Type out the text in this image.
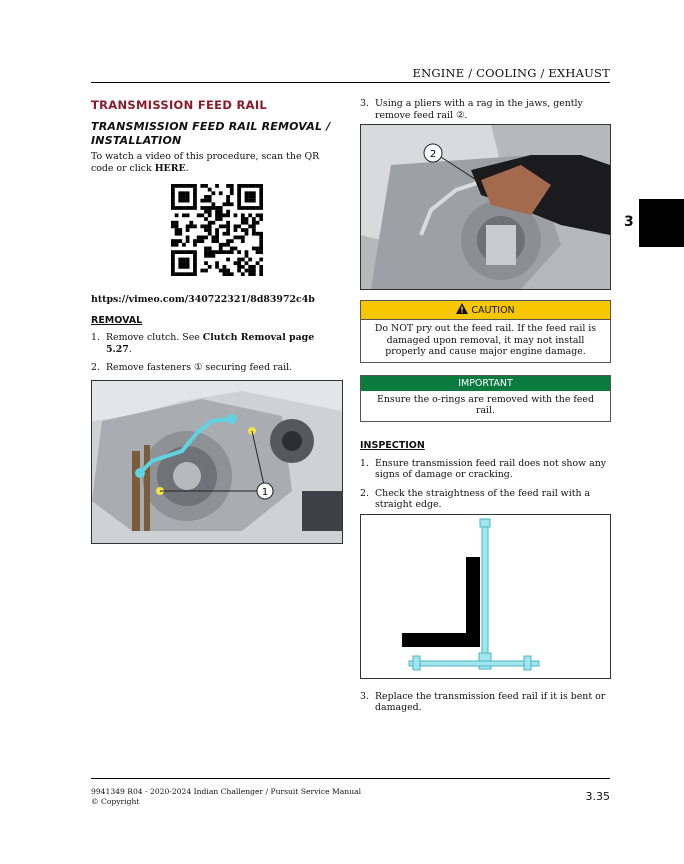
ENGINE / COOLING / EXHAUST
3
TRANSMISSION FEED RAIL
TRANSMISSION FEED RAIL REMOVAL / INSTALLATION

To watch a video of this procedure, scan the QR code or click HERE.

https://vimeo.com/340722321/8d83972c4b
REMOVAL
1. Remove clutch. See Clutch Removal page 5.27.
2. Remove fasteners ① securing feed rail.
1
3. Using a pliers with a rag in the jaws, gently remove feed rail ②.
2
CAUTION
Do NOT pry out the feed rail. If the feed rail is damaged upon removal, it may not install properly and cause major engine damage.
IMPORTANT
Ensure the o-rings are removed with the feed rail.
INSPECTION
1. Ensure transmission feed rail does not show any signs of damage or cracking.
2. Check the straightness of the feed rail with a straight edge.
3. Replace the transmission feed rail if it is bent or damaged.
9941349 R04 - 2020-2024 Indian Challenger / Pursuit Service Manual
© Copyright	3.35
